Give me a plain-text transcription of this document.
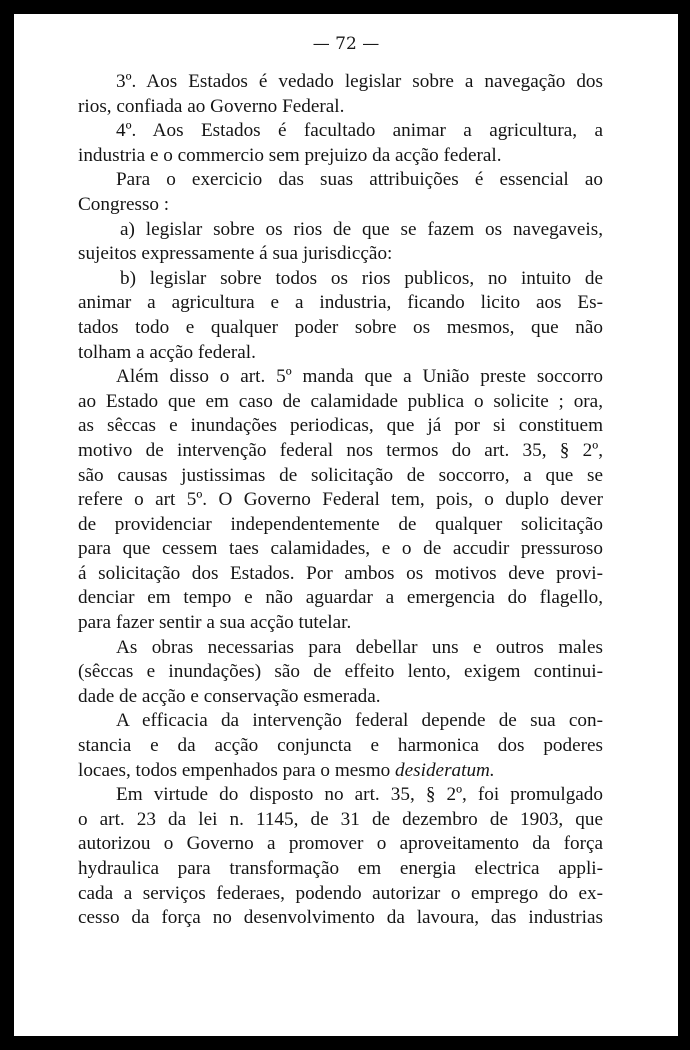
— 72 —

3º. Aos Estados é vedado legislar sobre a navegação dos
rios, confiada ao Governo Federal.

4º. Aos Estados é facultado animar a agricultura, a
industria e o commercio sem prejuizo da acção federal.

Para o exercicio das suas attribuições é essencial ao
Congresso :

a) legislar sobre os rios de que se fazem os navegaveis,
sujeitos expressamente á sua jurisdicção:

b) legislar sobre todos os rios publicos, no intuito de
animar a agricultura e a industria, ficando licito aos Es-
tados todo e qualquer poder sobre os mesmos, que não
tolham a acção federal.

Além disso o art. 5º manda que a União preste soccorro
ao Estado que em caso de calamidade publica o solicite ; ora,
as sêccas e inundações periodicas, que já por si constituem
motivo de intervenção federal nos termos do art. 35, § 2º,
são causas justissimas de solicitação de soccorro, a que se
refere o art 5º. O Governo Federal tem, pois, o duplo dever
de providenciar independentemente de qualquer solicitação
para que cessem taes calamidades, e o de accudir pressuroso
á solicitação dos Estados. Por ambos os motivos deve provi-
denciar em tempo e não aguardar a emergencia do flagello,
para fazer sentir a sua acção tutelar.

As obras necessarias para debellar uns e outros males
(sêccas e inundações) são de effeito lento, exigem continui-
dade de acção e conservação esmerada.

A efficacia da intervenção federal depende de sua con-
stancia e da acção conjuncta e harmonica dos poderes
locaes, todos empenhados para o mesmo desideratum.

Em virtude do disposto no art. 35, § 2º, foi promulgado
o art. 23 da lei n. 1145, de 31 de dezembro de 1903, que
autorizou o Governo a promover o aproveitamento da força
hydraulica para transformação em energia electrica appli-
cada a serviços federaes, podendo autorizar o emprego do ex-
cesso da força no desenvolvimento da lavoura, das industrias
